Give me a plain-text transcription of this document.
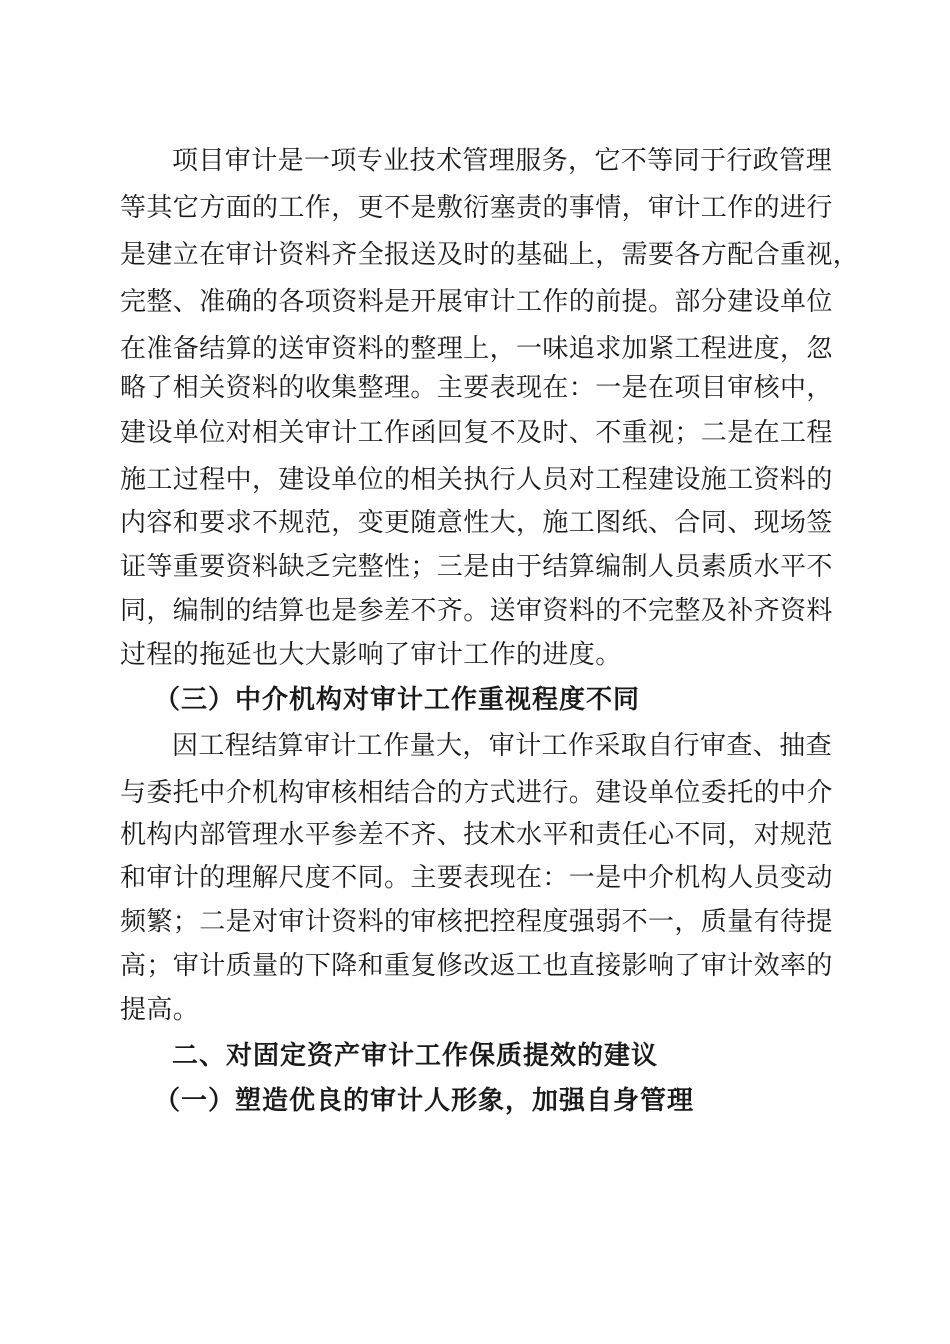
项目审计是一项专业技术管理服务，它不等同于行政管理
等其它方面的工作，更不是敷衍塞责的事情，审计工作的进行
是建立在审计资料齐全报送及时的基础上，需要各方配合重视，
完整、准确的各项资料是开展审计工作的前提。部分建设单位
在准备结算的送审资料的整理上，一味追求加紧工程进度，忽
略了相关资料的收集整理。主要表现在：一是在项目审核中，
建设单位对相关审计工作函回复不及时、不重视；二是在工程
施工过程中，建设单位的相关执行人员对工程建设施工资料的
内容和要求不规范，变更随意性大，施工图纸、合同、现场签
证等重要资料缺乏完整性；三是由于结算编制人员素质水平不
同，编制的结算也是参差不齐。送审资料的不完整及补齐资料
过程的拖延也大大影响了审计工作的进度。
（三）中介机构对审计工作重视程度不同
因工程结算审计工作量大，审计工作采取自行审查、抽查
与委托中介机构审核相结合的方式进行。建设单位委托的中介
机构内部管理水平参差不齐、技术水平和责任心不同，对规范
和审计的理解尺度不同。主要表现在：一是中介机构人员变动
频繁；二是对审计资料的审核把控程度强弱不一，质量有待提
高；审计质量的下降和重复修改返工也直接影响了审计效率的
提高。
二、对固定资产审计工作保质提效的建议
（一）塑造优良的审计人形象，加强自身管理
